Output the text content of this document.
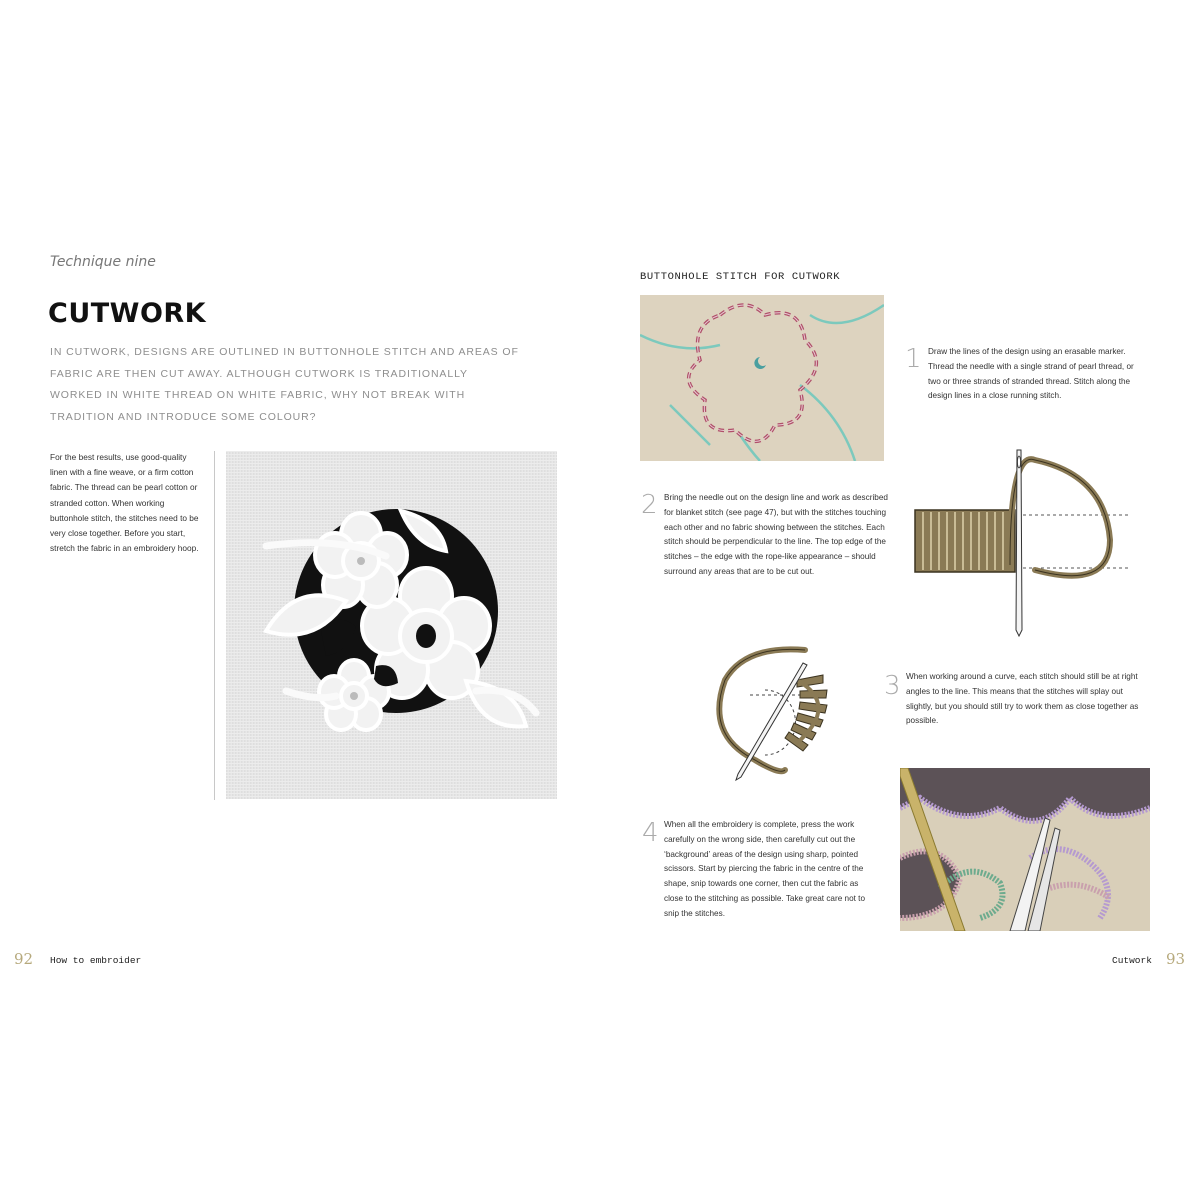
Technique nine
CUTWORK
IN CUTWORK, DESIGNS ARE OUTLINED IN BUTTONHOLE STITCH AND AREAS OF FABRIC ARE THEN CUT AWAY. ALTHOUGH CUTWORK IS TRADITIONALLY WORKED IN WHITE THREAD ON WHITE FABRIC, WHY NOT BREAK WITH TRADITION AND INTRODUCE SOME COLOUR?
For the best results, use good-quality linen with a fine weave, or a firm cotton fabric. The thread can be pearl cotton or stranded cotton. When working buttonhole stitch, the stitches need to be very close together. Before you start, stretch the fabric in an embroidery hoop.
92 How to embroider
BUTTONHOLE STITCH FOR CUTWORK
1 Draw the lines of the design using an erasable marker. Thread the needle with a single strand of pearl thread, or two or three strands of stranded thread. Stitch along the design lines in a close running stitch.
2 Bring the needle out on the design line and work as described for blanket stitch (see page 47), but with the stitches touching each other and no fabric showing between the stitches. Each stitch should be perpendicular to the line. The top edge of the stitches – the edge with the rope-like appearance – should surround any areas that are to be cut out.
3 When working around a curve, each stitch should still be at right angles to the line. This means that the stitches will splay out slightly, but you should still try to work them as close together as possible.
4 When all the embroidery is complete, press the work carefully on the wrong side, then carefully cut out the ‘background’ areas of the design using sharp, pointed scissors. Start by piercing the fabric in the centre of the shape, snip towards one corner, then cut the fabric as close to the stitching as possible. Take great care not to snip the stitches.
Cutwork 93
